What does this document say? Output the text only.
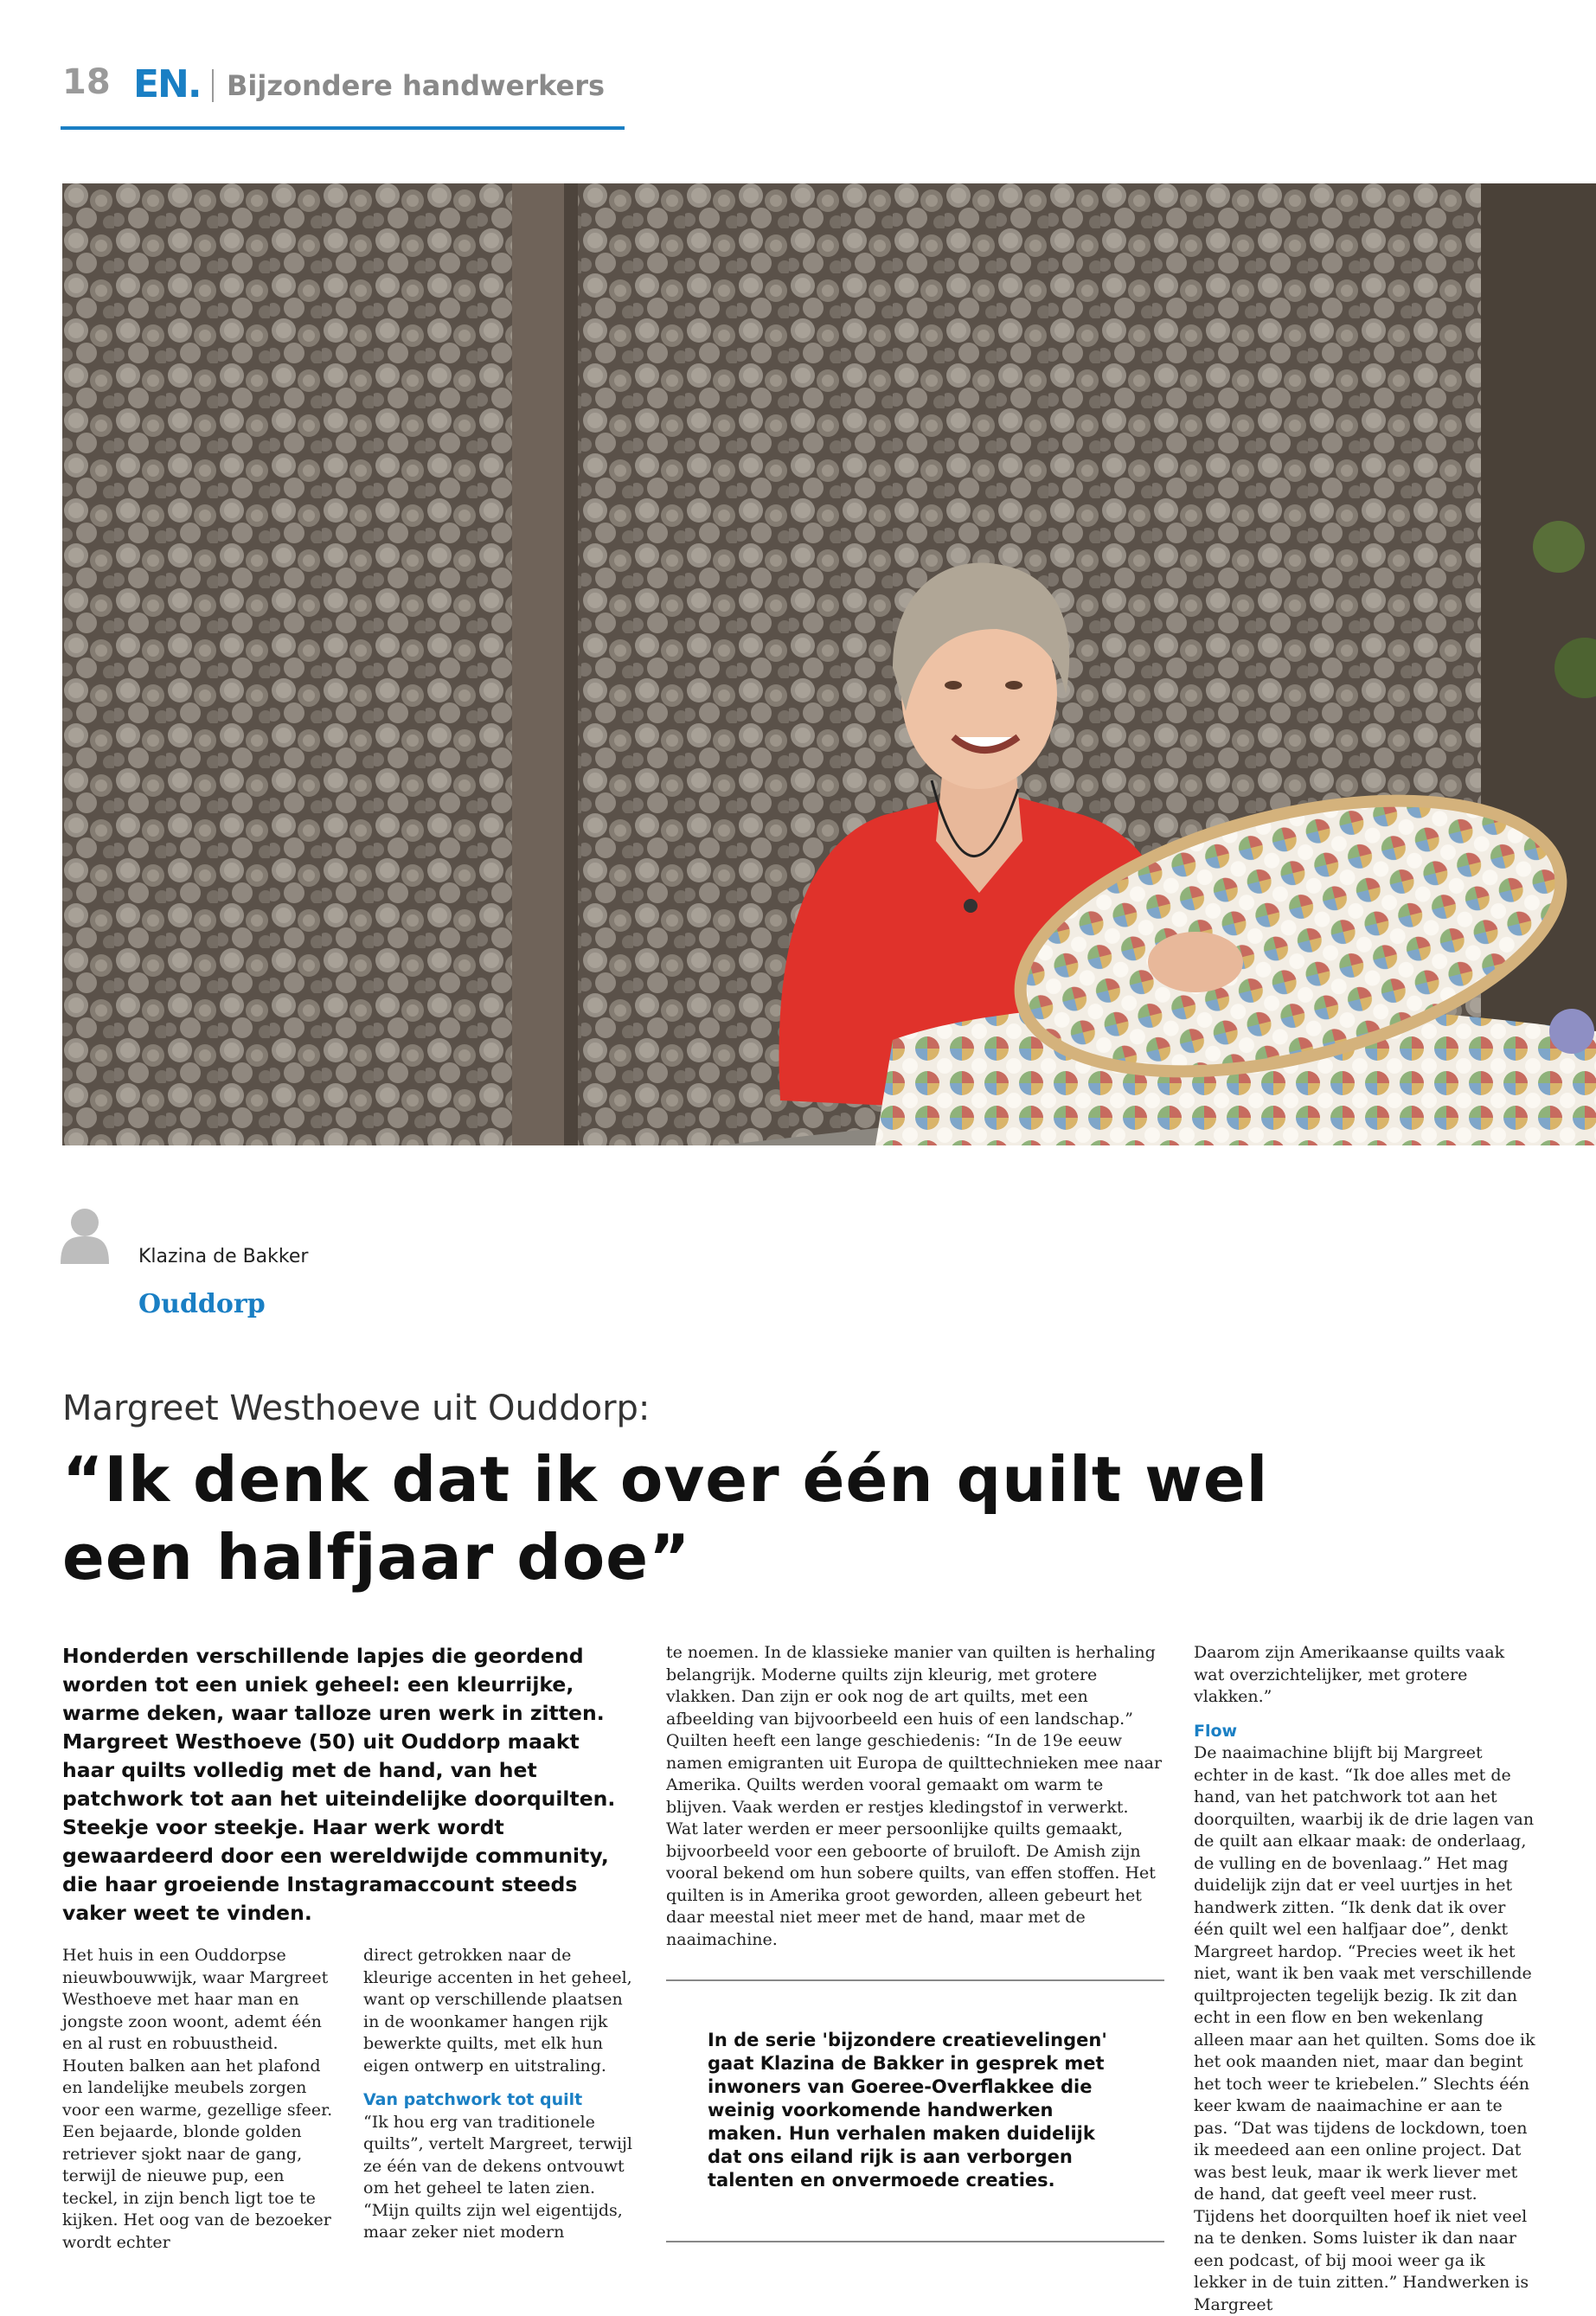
18 EN. Bijzondere handwerkers
Klazina de Bakker
Ouddorp
Margreet Westhoeve uit Ouddorp:
“Ik denk dat ik over één quilt wel een halfjaar doe”
Honderden verschillende lapjes die geordend worden tot een uniek geheel: een kleurrijke, warme deken, waar talloze uren werk in zitten. Margreet Westhoeve (50) uit Ouddorp maakt haar quilts volledig met de hand, van het patchwork tot aan het uiteindelijke doorquilten. Steekje voor steekje. Haar werk wordt gewaardeerd door een wereldwijde community, die haar groeiende Instagramaccount steeds vaker weet te vinden.
Het huis in een Ouddorpse nieuwbouwwijk, waar Margreet Westhoeve met haar man en jongste zoon woont, ademt één en al rust en robuustheid. Houten balken aan het plafond en landelijke meubels zorgen voor een warme, gezellige sfeer. Een bejaarde, blonde golden retriever sjokt naar de gang, terwijl de nieuwe pup, een teckel, in zijn bench ligt toe te kijken. Het oog van de bezoeker wordt echter
direct getrokken naar de kleurige accenten in het geheel, want op verschillende plaatsen in de woonkamer hangen rijk bewerkte quilts, met elk hun eigen ontwerp en uitstraling.
Van patchwork tot quilt
“Ik hou erg van traditionele quilts”, vertelt Margreet, terwijl ze één van de dekens ontvouwt om het geheel te laten zien. “Mijn quilts zijn wel eigentijds, maar zeker niet modern
te noemen. In de klassieke manier van quilten is herhaling belangrijk. Moderne quilts zijn kleurig, met grotere vlakken. Dan zijn er ook nog de art quilts, met een afbeelding van bijvoorbeeld een huis of een landschap.” Quilten heeft een lange geschiedenis: “In de 19e eeuw namen emigranten uit Europa de quilttechnieken mee naar Amerika. Quilts werden vooral gemaakt om warm te blijven. Vaak werden er restjes kledingstof in verwerkt. Wat later werden er meer persoonlijke quilts gemaakt, bijvoorbeeld voor een geboorte of bruiloft. De Amish zijn vooral bekend om hun sobere quilts, van effen stoffen. Het quilten is in Amerika groot geworden, alleen gebeurt het daar meestal niet meer met de hand, maar met de naaimachine.
In de serie 'bijzondere creatievelingen' gaat Klazina de Bakker in gesprek met inwoners van Goeree-Overflakkee die weinig voorkomende handwerken maken. Hun verhalen maken duidelijk dat ons eiland rijk is aan verborgen talenten en onvermoede creaties.
Daarom zijn Amerikaanse quilts vaak wat overzichtelijker, met grotere vlakken.”
Flow
De naaimachine blijft bij Margreet echter in de kast. “Ik doe alles met de hand, van het patchwork tot aan het doorquilten, waarbij ik de drie lagen van de quilt aan elkaar maak: de onderlaag, de vulling en de bovenlaag.” Het mag duidelijk zijn dat er veel uurtjes in het handwerk zitten. “Ik denk dat ik over één quilt wel een halfjaar doe”, denkt Margreet hardop. “Precies weet ik het niet, want ik ben vaak met verschillende quiltprojecten tegelijk bezig. Ik zit dan echt in een flow en ben wekenlang alleen maar aan het quilten. Soms doe ik het ook maanden niet, maar dan begint het toch weer te kriebelen.” Slechts één keer kwam de naaimachine er aan te pas. “Dat was tijdens de lockdown, toen ik meedeed aan een online project. Dat was best leuk, maar ik werk liever met de hand, dat geeft veel meer rust. Tijdens het doorquilten hoef ik niet veel na te denken. Soms luister ik dan naar een podcast, of bij mooi weer ga ik lekker in de tuin zitten.” Handwerken is Margreet
